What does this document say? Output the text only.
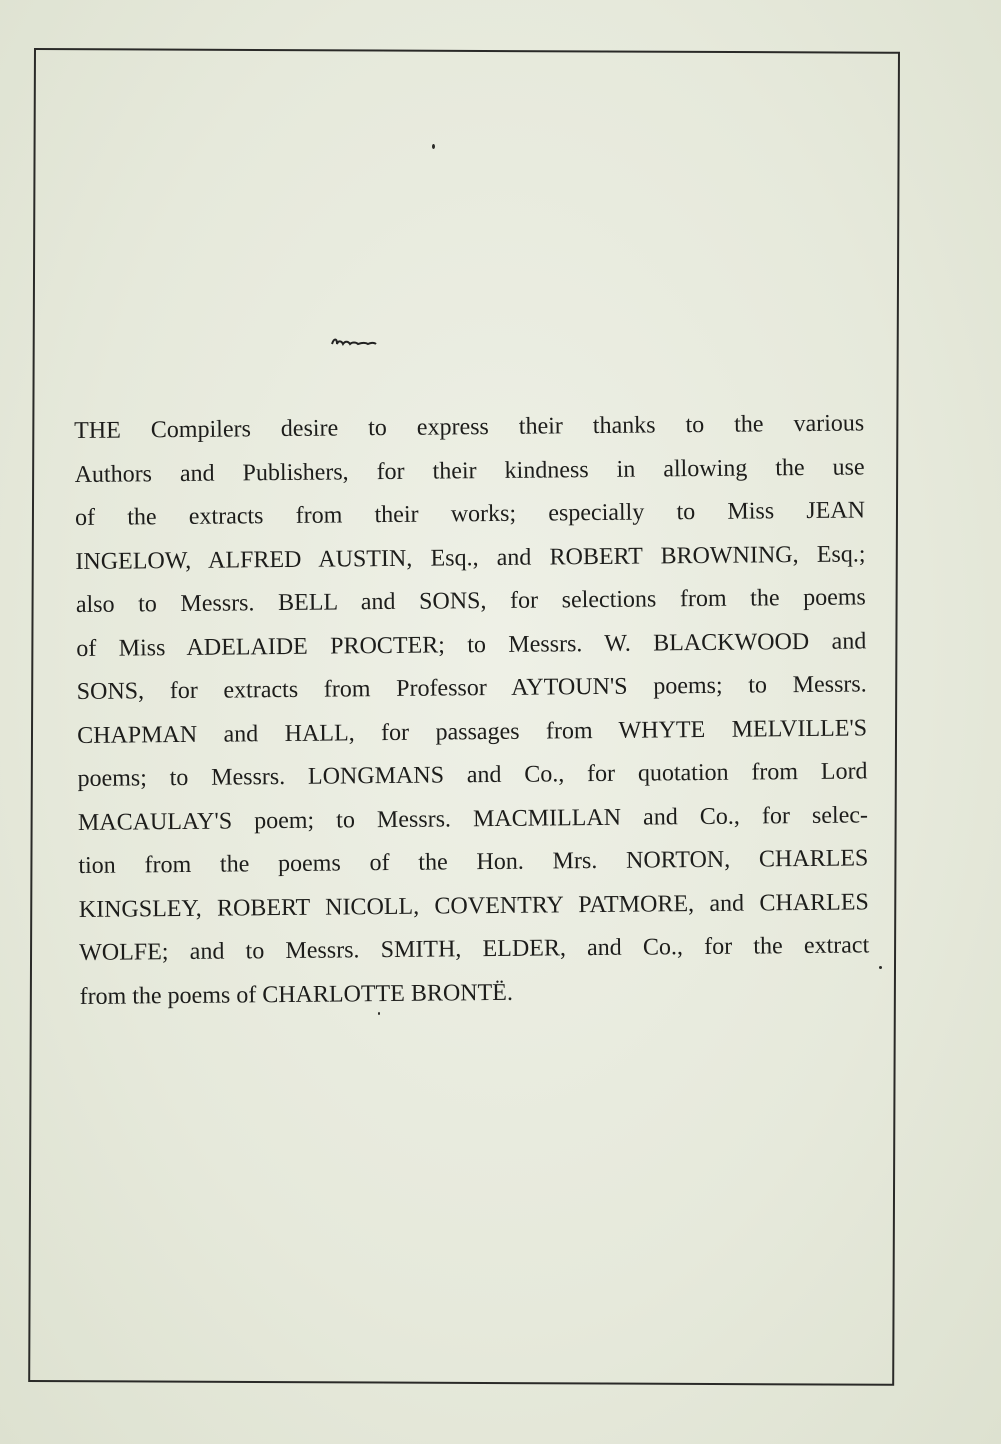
THE Compilers desire to express their thanks to the various
Authors and Publishers, for their kindness in allowing the use
of the extracts from their works; especially to Miss JEAN
INGELOW, ALFRED AUSTIN, Esq., and ROBERT BROWNING, Esq.;
also to Messrs. BELL and SONS, for selections from the poems
of Miss ADELAIDE PROCTER; to Messrs. W. BLACKWOOD and
SONS, for extracts from Professor AYTOUN'S poems; to Messrs.
CHAPMAN and HALL, for passages from WHYTE MELVILLE'S
poems; to Messrs. LONGMANS and Co., for quotation from Lord
MACAULAY'S poem; to Messrs. MACMILLAN and Co., for selec-
tion from the poems of the Hon. Mrs. NORTON, CHARLES
KINGSLEY, ROBERT NICOLL, COVENTRY PATMORE, and CHARLES
WOLFE; and to Messrs. SMITH, ELDER, and Co., for the extract
from the poems of CHARLOTTE BRONTË.
